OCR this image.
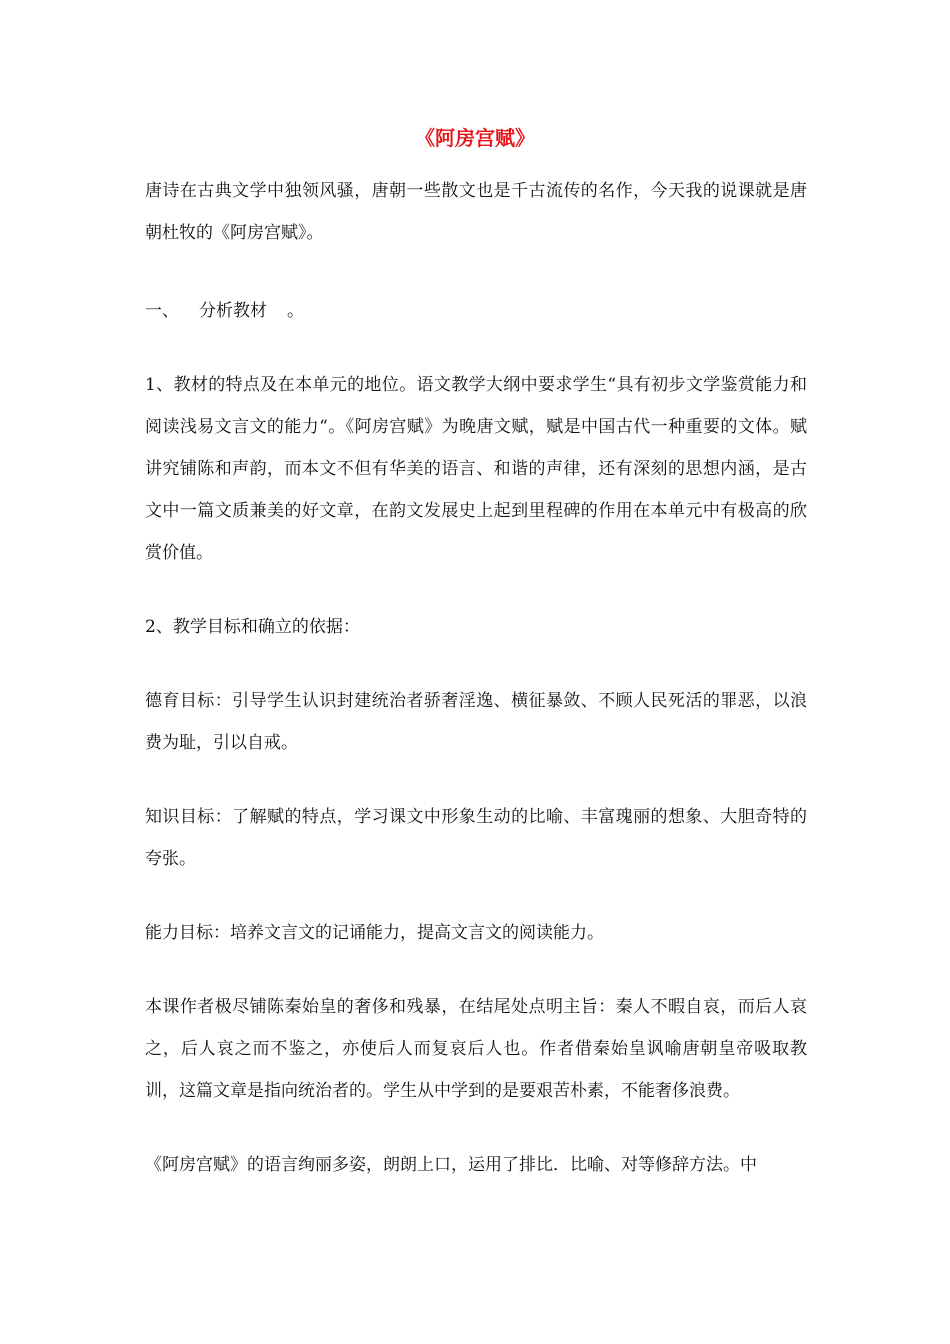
《阿房宫赋》

唐诗在古典文学中独领风骚，唐朝一些散文也是千古流传的名作，今天我的说课就是唐朝杜牧的《阿房宫赋》。

一、 分析教材 。

1、教材的特点及在本单元的地位。语文教学大纲中要求学生“具有初步文学鉴赏能力和阅读浅易文言文的能力“。《阿房宫赋》为晚唐文赋，赋是中国古代一种重要的文体。赋讲究铺陈和声韵，而本文不但有华美的语言、和谐的声律，还有深刻的思想内涵，是古文中一篇文质兼美的好文章，在韵文发展史上起到里程碑的作用在本单元中有极高的欣赏价值。

2、教学目标和确立的依据：

德育目标：引导学生认识封建统治者骄奢淫逸、横征暴敛、不顾人民死活的罪恶，以浪费为耻，引以自戒。

知识目标：了解赋的特点，学习课文中形象生动的比喻、丰富瑰丽的想象、大胆奇特的夸张。

能力目标：培养文言文的记诵能力，提高文言文的阅读能力。

本课作者极尽铺陈秦始皇的奢侈和残暴，在结尾处点明主旨：秦人不暇自哀，而后人哀之，后人哀之而不鉴之，亦使后人而复哀后人也。作者借秦始皇讽喻唐朝皇帝吸取教训，这篇文章是指向统治者的。学生从中学到的是要艰苦朴素，不能奢侈浪费。

《阿房宫赋》的语言绚丽多姿，朗朗上口，运用了排比．比喻、对等修辞方法。中
